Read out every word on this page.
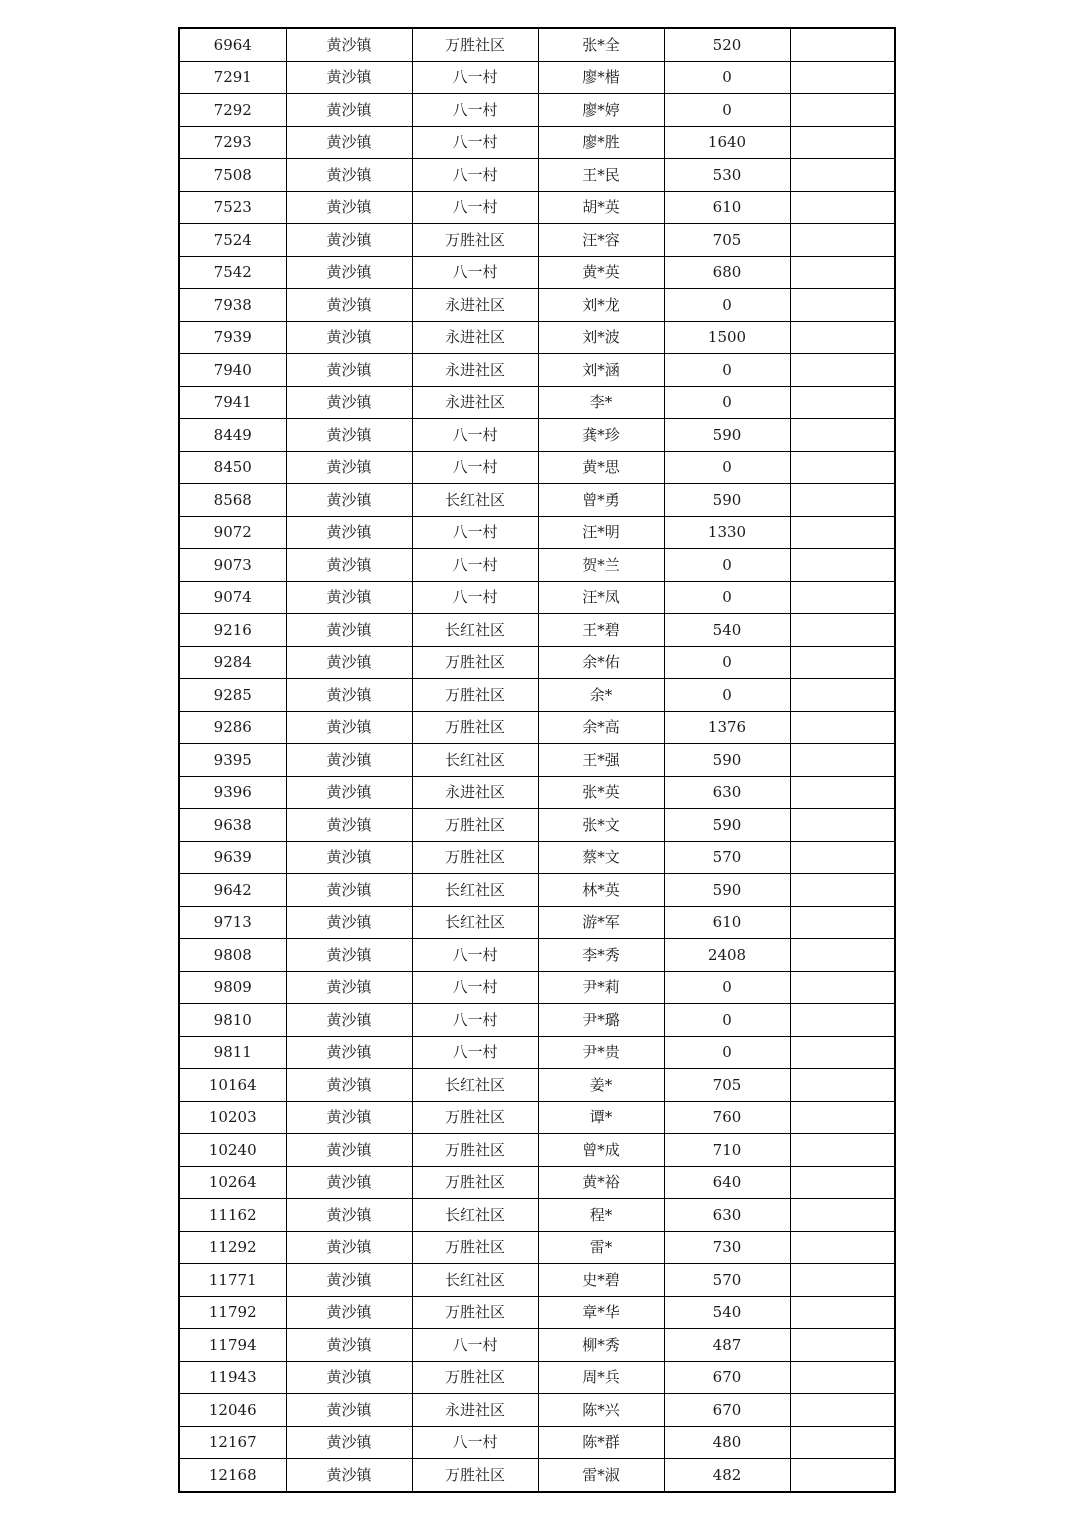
6964	黄沙镇	万胜社区	张*全	520	
7291	黄沙镇	八一村	廖*楷	0	
7292	黄沙镇	八一村	廖*婷	0	
7293	黄沙镇	八一村	廖*胜	1640	
7508	黄沙镇	八一村	王*民	530	
7523	黄沙镇	八一村	胡*英	610	
7524	黄沙镇	万胜社区	汪*容	705	
7542	黄沙镇	八一村	黄*英	680	
7938	黄沙镇	永进社区	刘*龙	0	
7939	黄沙镇	永进社区	刘*波	1500	
7940	黄沙镇	永进社区	刘*涵	0	
7941	黄沙镇	永进社区	李*	0	
8449	黄沙镇	八一村	龚*珍	590	
8450	黄沙镇	八一村	黄*思	0	
8568	黄沙镇	长红社区	曾*勇	590	
9072	黄沙镇	八一村	汪*明	1330	
9073	黄沙镇	八一村	贺*兰	0	
9074	黄沙镇	八一村	汪*凤	0	
9216	黄沙镇	长红社区	王*碧	540	
9284	黄沙镇	万胜社区	余*佑	0	
9285	黄沙镇	万胜社区	余*	0	
9286	黄沙镇	万胜社区	余*高	1376	
9395	黄沙镇	长红社区	王*强	590	
9396	黄沙镇	永进社区	张*英	630	
9638	黄沙镇	万胜社区	张*文	590	
9639	黄沙镇	万胜社区	蔡*文	570	
9642	黄沙镇	长红社区	林*英	590	
9713	黄沙镇	长红社区	游*军	610	
9808	黄沙镇	八一村	李*秀	2408	
9809	黄沙镇	八一村	尹*莉	0	
9810	黄沙镇	八一村	尹*璐	0	
9811	黄沙镇	八一村	尹*贵	0	
10164	黄沙镇	长红社区	姜*	705	
10203	黄沙镇	万胜社区	谭*	760	
10240	黄沙镇	万胜社区	曾*成	710	
10264	黄沙镇	万胜社区	黄*裕	640	
11162	黄沙镇	长红社区	程*	630	
11292	黄沙镇	万胜社区	雷*	730	
11771	黄沙镇	长红社区	史*碧	570	
11792	黄沙镇	万胜社区	章*华	540	
11794	黄沙镇	八一村	柳*秀	487	
11943	黄沙镇	万胜社区	周*兵	670	
12046	黄沙镇	永进社区	陈*兴	670	
12167	黄沙镇	八一村	陈*群	480	
12168	黄沙镇	万胜社区	雷*淑	482	
